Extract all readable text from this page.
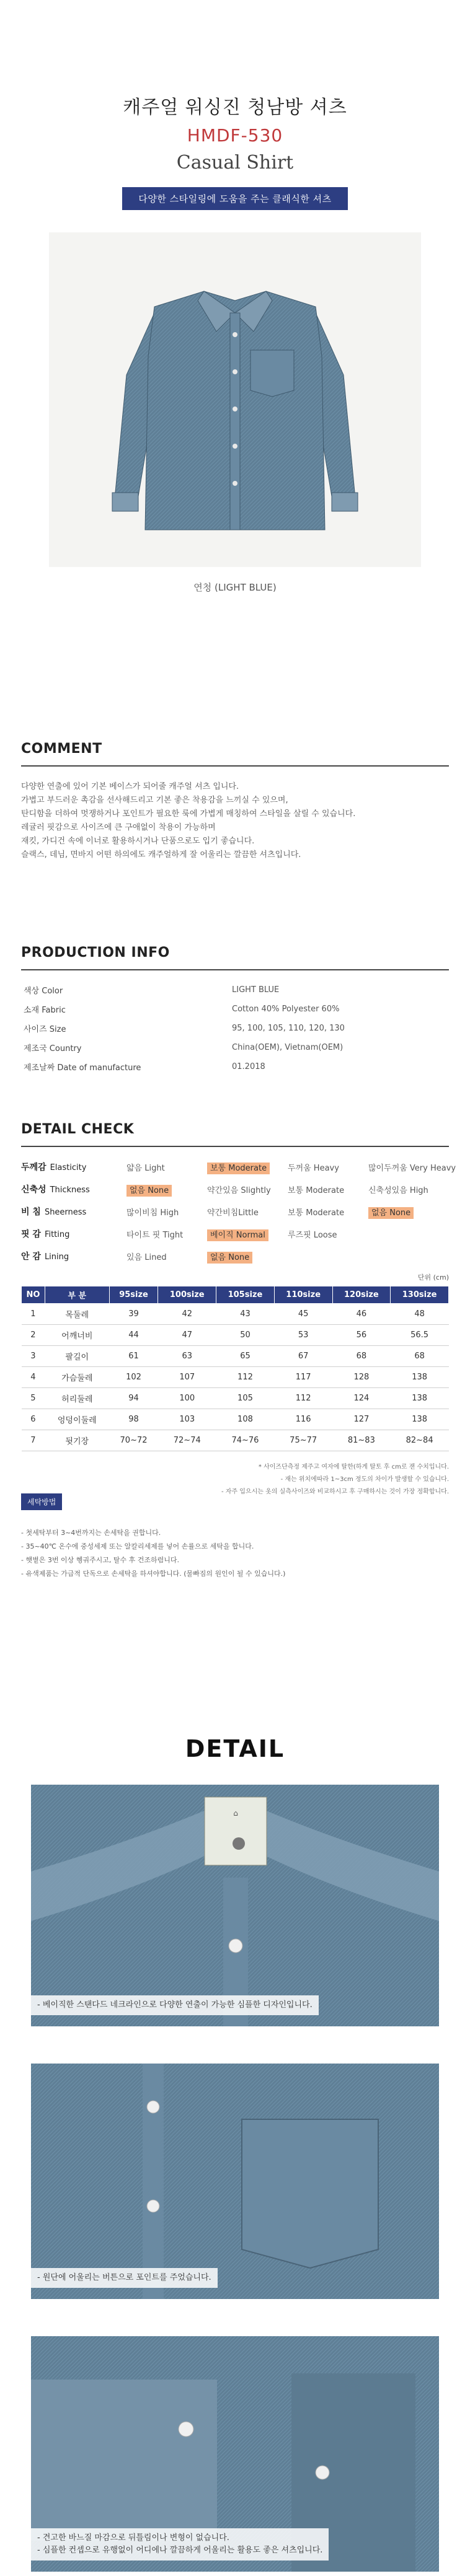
캐주얼 워싱진 청남방 셔츠
HMDF-530
Casual Shirt
다양한 스타일링에 도움을 주는 클래식한 셔츠
연청 (LIGHT BLUE)
COMMENT
다양한 연출에 있어 기본 베이스가 되어줄 캐주얼 셔츠 입니다.
가볍고 부드러운 촉감을 선사해드리고 기본 좋은 착용감을 느끼실 수 있으며,
탄디함을 더하여 멋쟁하거나 포인트가 필요한 룩에 가볍게 매칭하여 스타일을 살릴 수 있습니다.
레귤러 핏감으로 사이즈에 큰 구애없이 착용이 가능하며
재킷, 가디건 속에 이너로 활용하시거나 단품으로도 입기 좋습니다.
슬랙스, 데님, 면바지 어떤 하의에도 캐주얼하게 잘 어울리는 깔끔한 셔츠입니다.
PRODUCTION INFO
색상 Color	LIGHT BLUE
소재 Fabric	Cotton 40% Polyester 60%
사이즈 Size	95, 100, 105, 110, 120, 130
제조국 Country	China(OEM), Vietnam(OEM)
제조날짜 Date of manufacture	01.2018
DETAIL CHECK
두께감 Elasticity	얇음 Light	보통 Moderate	두꺼움 Heavy	많이두꺼움 Very Heavy
신축성 Thickness	없음 None	약간있음 Slightly	보통 Moderate	신축성있음 High
비 침 Sheerness	많이비침 High	약간비침Little	보통 Moderate	없음 None
핏 감 Fitting	타이트 핏 Tight	베이직 Normal	루즈핏 Loose
안 감 Lining	있음 Lined	없음 None
단위 (cm)
NO	부 분	95size	100size	105size	110size	120size	130size
1	목둘레	39	42	43	45	46	48
2	어깨너비	44	47	50	53	56	56.5
3	팔길이	61	63	65	67	68	68
4	가슴둘레	102	107	112	117	128	138
5	허리둘레	94	100	105	112	124	138
6	엉덩이둘레	98	103	108	116	127	138
7	뒷기장	70~72	72~74	74~76	75~77	81~83	82~84
* 사이즈단측정 제주고 여자에 탈한(하게 탈토 후 cm로 잰 수치입니다.
- 재는 위치에따라 1~3cm 정도의 차이가 발생할 수 있습니다.
- 자주 입으시는 옷의 실측사이즈와 비교하시고 후 구매하시는 것이 가장 정확합니다.
세탁방법
- 첫세탁부터 3~4번까지는 손세탁을 권합니다.
- 35~40℃ 온수에 중성세제 또는 알칼리세제를 넣어 손률으로 세탁을 합니다.
- 햇볕은 3번 이상 헹궈주시고, 탈수 후 건조하렴니다.
- 유색제품는 가급적 단독으로 손세탁을 하셔야합니다. (물빠짐의 원인이 될 수 있습니다.)
DETAIL
⌂
- 베이직한 스탠다드 네크라인으로 다양한 연출이 가능한 심플한 디자인입니다.
- 원단에 어울리는 버튼으로 포인트를 주었습니다.
- 견고한 바느질 마감으로 뒤틀림이나 변형이 없습니다.
- 심플한 컨셉으로 유행없이 어디에나 깔끔하게 어울리는 활용도 좋은 셔츠입니다.
